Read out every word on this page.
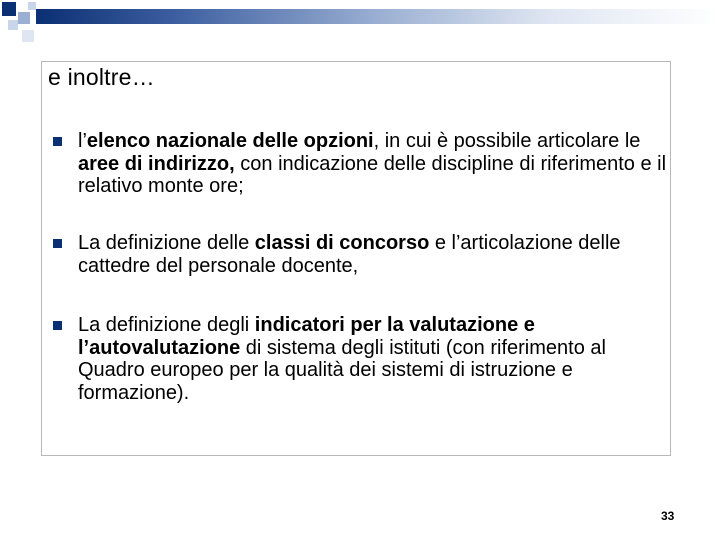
e inoltre…
l’elenco nazionale delle opzioni, in cui è possibile articolare le aree di indirizzo, con indicazione delle discipline di riferimento e il relativo monte ore;
La definizione delle classi di concorso e l’articolazione delle cattedre del personale docente,
La definizione degli indicatori per la valutazione e l’autovalutazione di sistema degli istituti (con riferimento al Quadro europeo per la qualità dei sistemi di istruzione e formazione).
33
